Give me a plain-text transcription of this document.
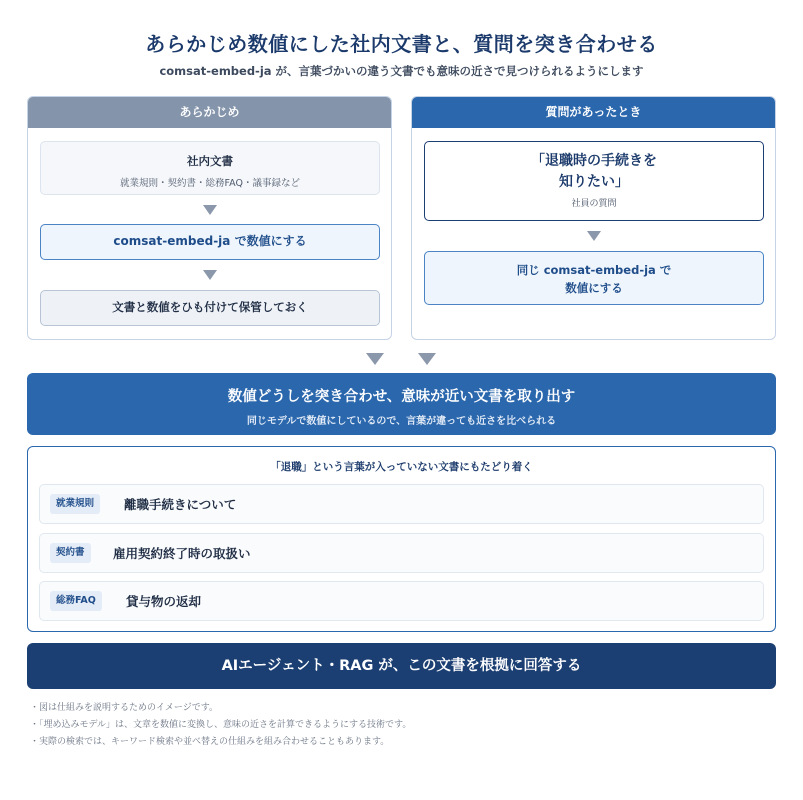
あらかじめ数値にした社内文書と、質問を突き合わせる
comsat-embed-ja が、言葉づかいの違う文書でも意味の近さで見つけられるようにします
あらかじめ
社内文書
就業規則・契約書・総務FAQ・議事録など
comsat-embed-ja で数値にする
文書と数値をひも付けて保管しておく
質問があったとき
「退職時の手続きを
知りたい」
社員の質問
同じ comsat-embed-ja で
数値にする
数値どうしを突き合わせ、意味が近い文書を取り出す
同じモデルで数値にしているので、言葉が違っても近さを比べられる
「退職」という言葉が入っていない文書にもたどり着く
就業規則	離職手続きについて
契約書	雇用契約終了時の取扱い
総務FAQ	貸与物の返却
AIエージェント・RAG が、この文書を根拠に回答する
・図は仕組みを説明するためのイメージです。
・「埋め込みモデル」は、文章を数値に変換し、意味の近さを計算できるようにする技術です。
・実際の検索では、キーワード検索や並べ替えの仕組みを組み合わせることもあります。
